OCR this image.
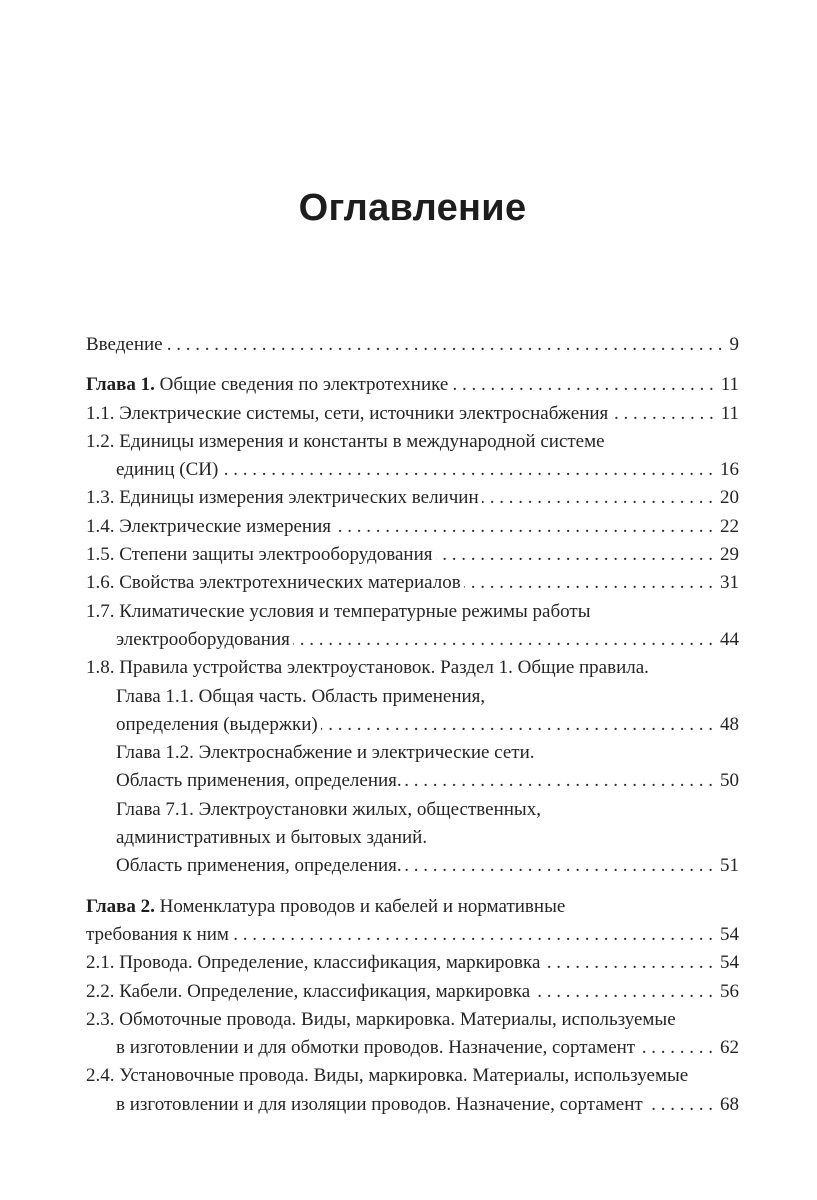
Оглавление
Введение . . .	9
Глава 1. Общие сведения по электротехнике . . .	11
1.1. Электрические системы, сети, источники электроснабжения . . .	11
1.2. Единицы измерения и константы в международной системе
единиц (СИ) . . .	16
1.3. Единицы измерения электрических величин . . .	20
1.4. Электрические измерения . . .	22
1.5. Степени защиты электрооборудования . . .	29
1.6. Свойства электротехнических материалов . . .	31
1.7. Климатические условия и температурные режимы работы
электрооборудования . . .	44
1.8. Правила устройства электроустановок. Раздел 1. Общие правила.
Глава 1.1. Общая часть. Область применения,
определения (выдержки) . . .	48
Глава 1.2. Электроснабжение и электрические сети.
Область применения, определения. . . .	50
Глава 7.1. Электроустановки жилых, общественных,
административных и бытовых зданий.
Область применения, определения. . . .	51
Глава 2. Номенклатура проводов и кабелей и нормативные
требования к ним . . .	54
2.1. Провода. Определение, классификация, маркировка . . .	54
2.2. Кабели. Определение, классификация, маркировка . . .	56
2.3. Обмоточные провода. Виды, маркировка. Материалы, используемые
в изготовлении и для обмотки проводов. Назначение, сортамент . . .	62
2.4. Установочные провода. Виды, маркировка. Материалы, используемые
в изготовлении и для изоляции проводов. Назначение, сортамент . . .	68
